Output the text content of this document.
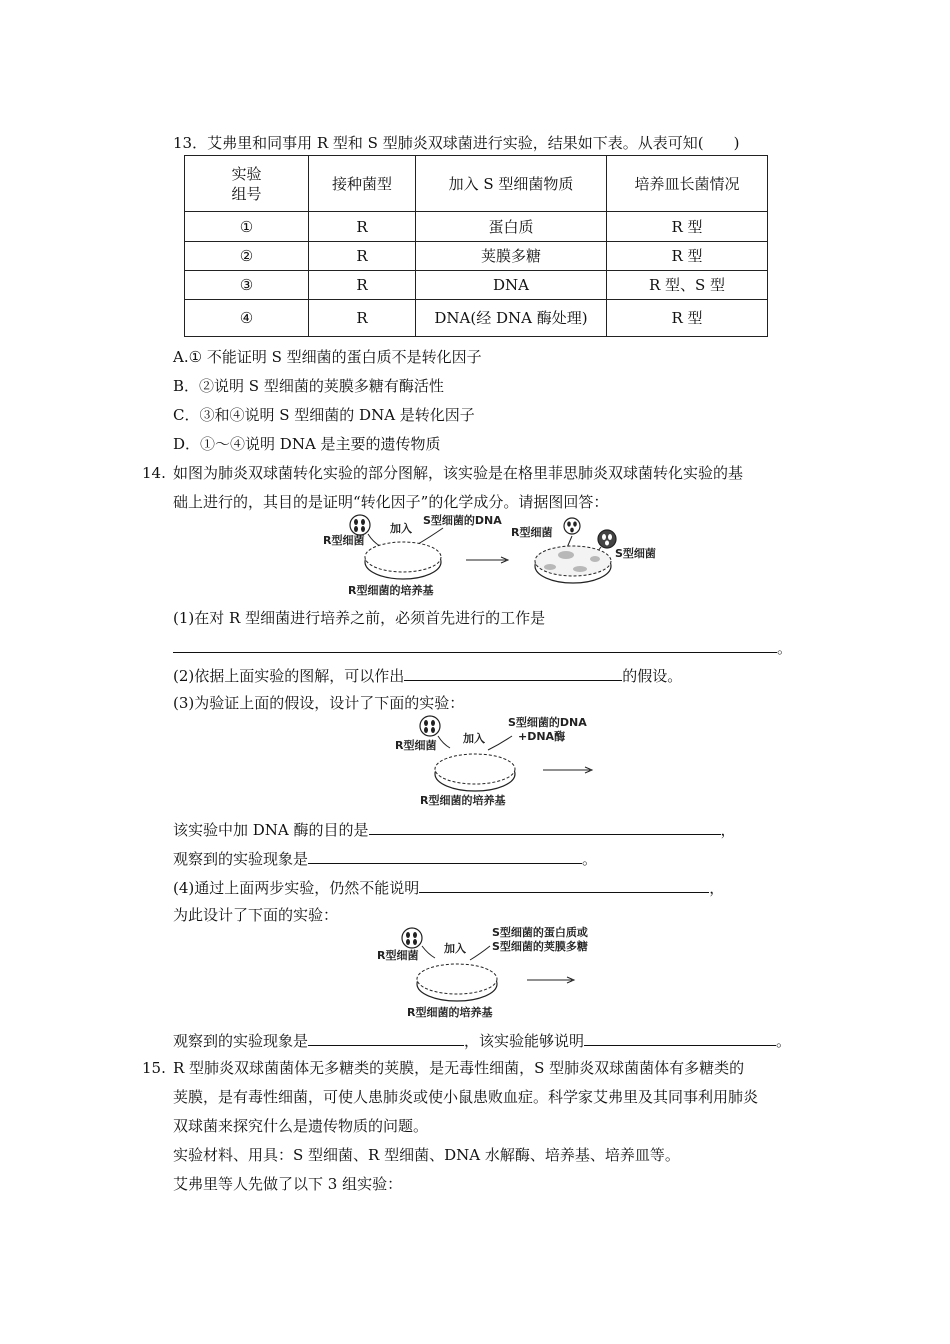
13．艾弗里和同事用 R 型和 S 型肺炎双球菌进行实验，结果如下表。从表可知(　　)
实验
组号	接种菌型	加入 S 型细菌物质	培养皿长菌情况
①	R	蛋白质	R 型
②	R	荚膜多糖	R 型
③	R	DNA	R 型、S 型
④	R	DNA(经 DNA 酶处理)	R 型
A.① 不能证明 S 型细菌的蛋白质不是转化因子
B．②说明 S 型细菌的荚膜多糖有酶活性
C．③和④说明 S 型细菌的 DNA 是转化因子
D．①～④说明 DNA 是主要的遗传物质
14. 如图为肺炎双球菌转化实验的部分图解，该实验是在格里菲思肺炎双球菌转化实验的基
础上进行的，其目的是证明“转化因子”的化学成分。请据图回答：
R型细菌
加入
S型细菌的DNA
R型细菌的培养基
R型细菌
S型细菌
(1)在对 R 型细菌进行培养之前，必须首先进行的工作是
。
(2)依据上面实验的图解，可以作出	的假设。
(3)为验证上面的假设，设计了下面的实验：
R型细菌
加入
S型细菌的DNA
+DNA酶
R型细菌的培养基
该实验中加 DNA 酶的目的是	，
观察到的实验现象是	。
(4)通过上面两步实验，仍然不能说明	，
为此设计了下面的实验：
R型细菌
加入
S型细菌的蛋白质或
S型细菌的荚膜多糖
R型细菌的培养基
观察到的实验现象是	，该实验能够说明	。
15. R 型肺炎双球菌菌体无多糖类的荚膜，是无毒性细菌，S 型肺炎双球菌菌体有多糖类的
荚膜，是有毒性细菌，可使人患肺炎或使小鼠患败血症。科学家艾弗里及其同事利用肺炎
双球菌来探究什么是遗传物质的问题。
实验材料、用具：S 型细菌、R 型细菌、DNA 水解酶、培养基、培养皿等。
艾弗里等人先做了以下 3 组实验：
